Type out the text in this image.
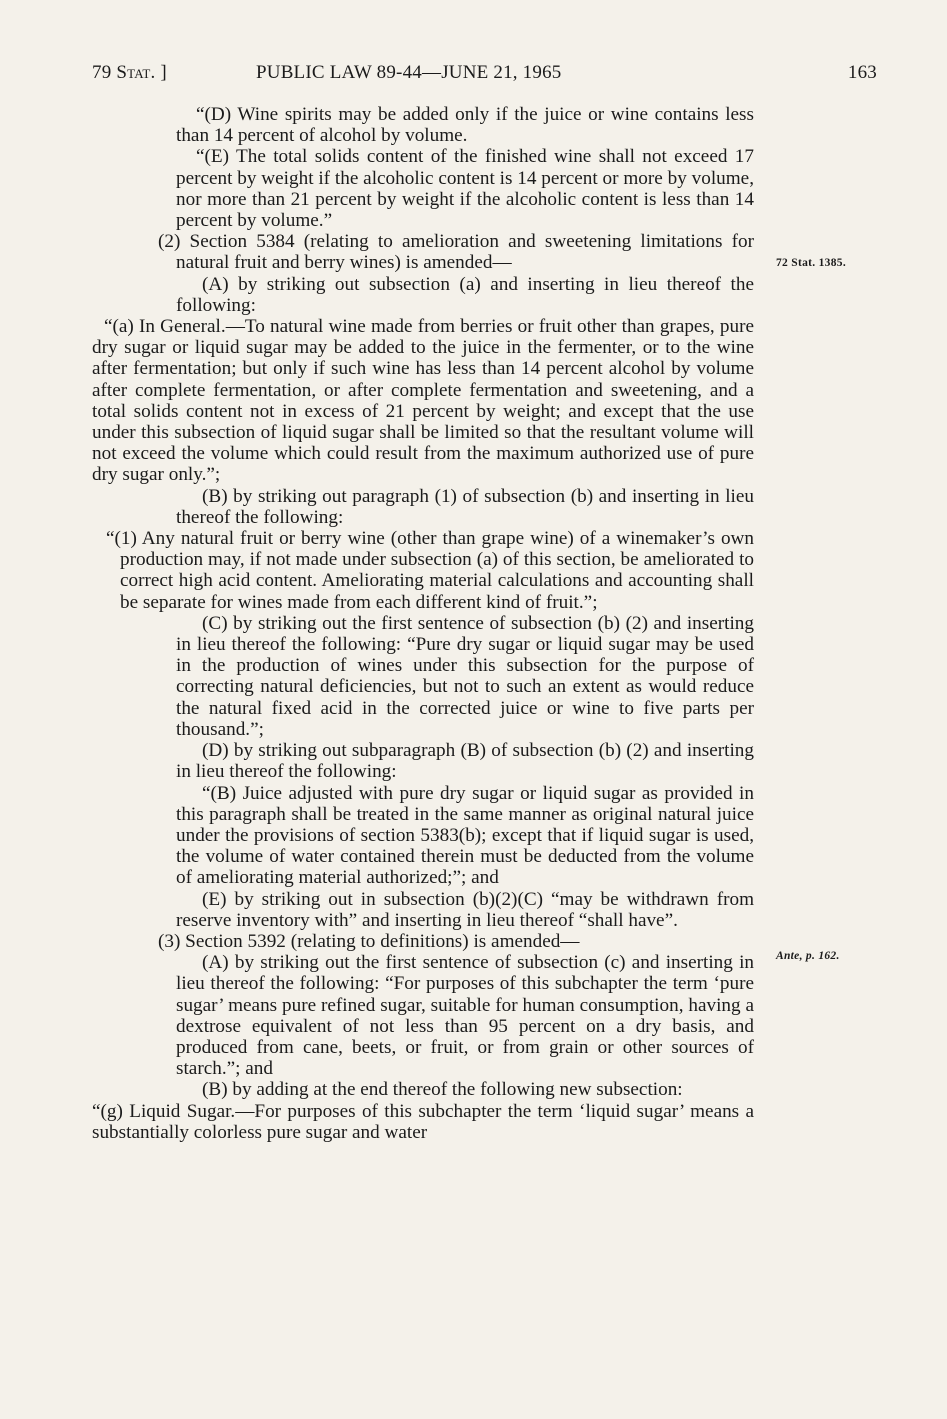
79 Stat. ]	PUBLIC LAW 89-44—JUNE 21, 1965	163
72 Stat. 1385.
Ante, p. 162.

“(D) Wine spirits may be added only if the juice or wine contains less than 14 percent of alcohol by volume.

“(E) The total solids content of the finished wine shall not exceed 17 percent by weight if the alcoholic content is 14 percent or more by volume, nor more than 21 percent by weight if the alcoholic content is less than 14 percent by volume.”

(2) Section 5384 (relating to amelioration and sweetening limitations for natural fruit and berry wines) is amended—

(A) by striking out subsection (a) and inserting in lieu thereof the following:

“(a) In General.—To natural wine made from berries or fruit other than grapes, pure dry sugar or liquid sugar may be added to the juice in the fermenter, or to the wine after fermentation; but only if such wine has less than 14 percent alcohol by volume after complete fermentation, or after complete fermentation and sweetening, and a total solids content not in excess of 21 percent by weight; and except that the use under this subsection of liquid sugar shall be limited so that the resultant volume will not exceed the volume which could result from the maximum authorized use of pure dry sugar only.”;

(B) by striking out paragraph (1) of subsection (b) and inserting in lieu thereof the following:

“(1) Any natural fruit or berry wine (other than grape wine) of a winemaker’s own production may, if not made under subsection (a) of this section, be ameliorated to correct high acid content. Ameliorating material calculations and accounting shall be separate for wines made from each different kind of fruit.”;

(C) by striking out the first sentence of subsection (b) (2) and inserting in lieu thereof the following: “Pure dry sugar or liquid sugar may be used in the production of wines under this subsection for the purpose of correcting natural deficiencies, but not to such an extent as would reduce the natural fixed acid in the corrected juice or wine to five parts per thousand.”;

(D) by striking out subparagraph (B) of subsection (b) (2) and inserting in lieu thereof the following:

“(B) Juice adjusted with pure dry sugar or liquid sugar as provided in this paragraph shall be treated in the same manner as original natural juice under the provisions of section 5383(b); except that if liquid sugar is used, the volume of water contained therein must be deducted from the volume of ameliorating material authorized;”; and

(E) by striking out in subsection (b)(2)(C) “may be withdrawn from reserve inventory with” and inserting in lieu thereof “shall have”.

(3) Section 5392 (relating to definitions) is amended—

(A) by striking out the first sentence of subsection (c) and inserting in lieu thereof the following: “For purposes of this subchapter the term ‘pure sugar’ means pure refined sugar, suitable for human consumption, having a dextrose equivalent of not less than 95 percent on a dry basis, and produced from cane, beets, or fruit, or from grain or other sources of starch.”; and

(B) by adding at the end thereof the following new subsection:

“(g) Liquid Sugar.—For purposes of this subchapter the term ‘liquid sugar’ means a substantially colorless pure sugar and water
